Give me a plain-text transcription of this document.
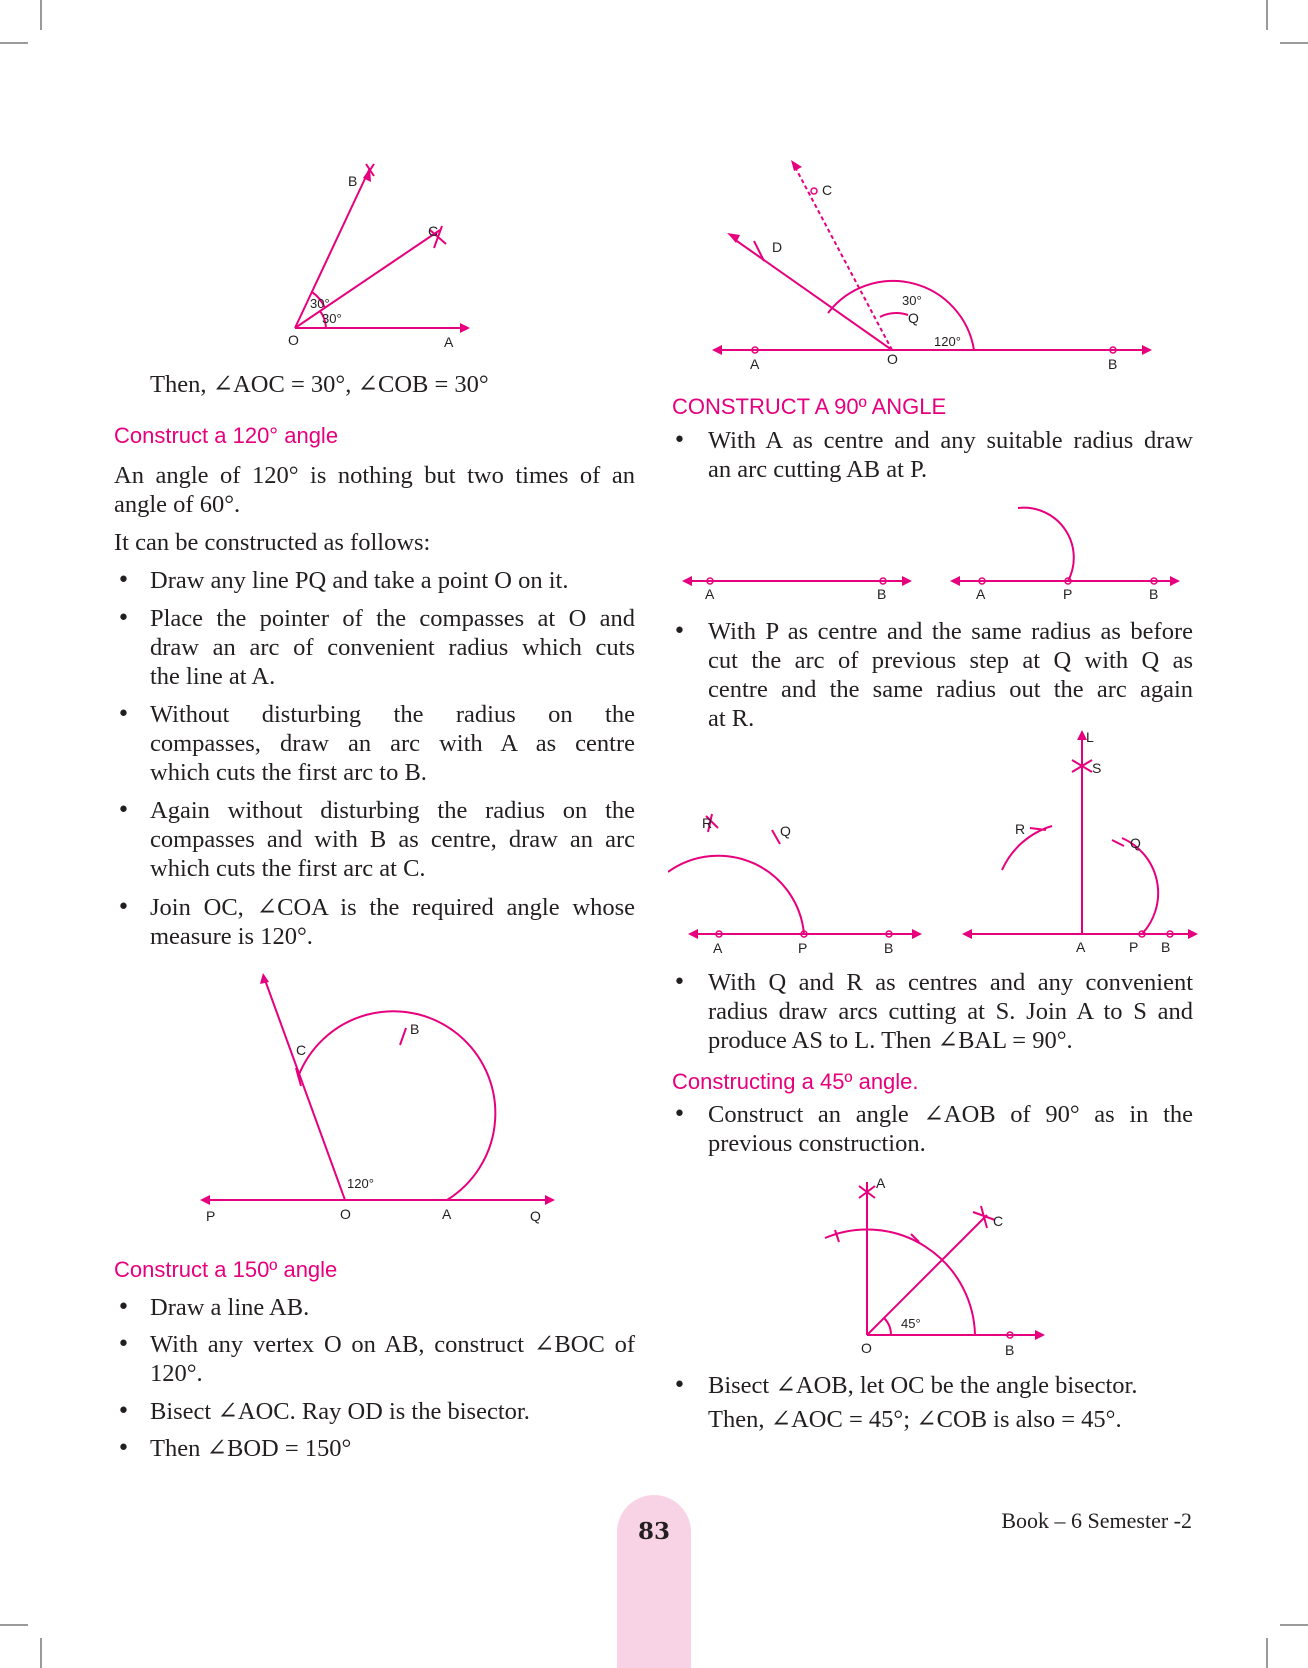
B
C
O	A
30°
30°
Then, ∠AOC = 30°, ∠COB = 30°
Construct a 120° angle
An angle of 120° is nothing but two times of an
angle of 60°.
It can be constructed as follows:
• Draw any line PQ and take a point O on it.
• Place the pointer of the compasses at O and
draw an arc of convenient radius which cuts
the line at A.
• Without disturbing the radius on the
compasses, draw an arc with A as centre
which cuts the first arc to B.
• Again without disturbing the radius on the
compasses and with B as centre, draw an arc
which cuts the first arc at C.
• Join OC, ∠COA is the required angle whose
measure is 120°.
P	O	A	Q
C
B
120°
Construct a 150º angle
• Draw a line AB.
• With any vertex O on AB, construct ∠BOC of
120°.
• Bisect ∠AOC. Ray OD is the bisector.
• Then ∠BOD = 150°
A	O	B
C
D
Q
30°
120°
CONSTRUCT A 90º ANGLE
• With A as centre and any suitable radius draw
an arc cutting AB at P.
A	B	A	P	B
• With P as centre and the same radius as before
cut the arc of previous step at Q with Q as
centre and the same radius out the arc again
at R.
R	Q
A	P	B
L
S
R
Q
A	P B
• With Q and R as centres and any convenient
radius draw arcs cutting at S. Join A to S and
produce AS to L. Then ∠BAL = 90°.
Constructing a 45º angle.
• Construct an angle ∠AOB of 90° as in the
previous construction.
A
C
O	B
45°
• Bisect ∠AOB, let OC be the angle bisector.
Then, ∠AOC = 45°; ∠COB is also = 45°.
83	Book – 6 Semester -2
